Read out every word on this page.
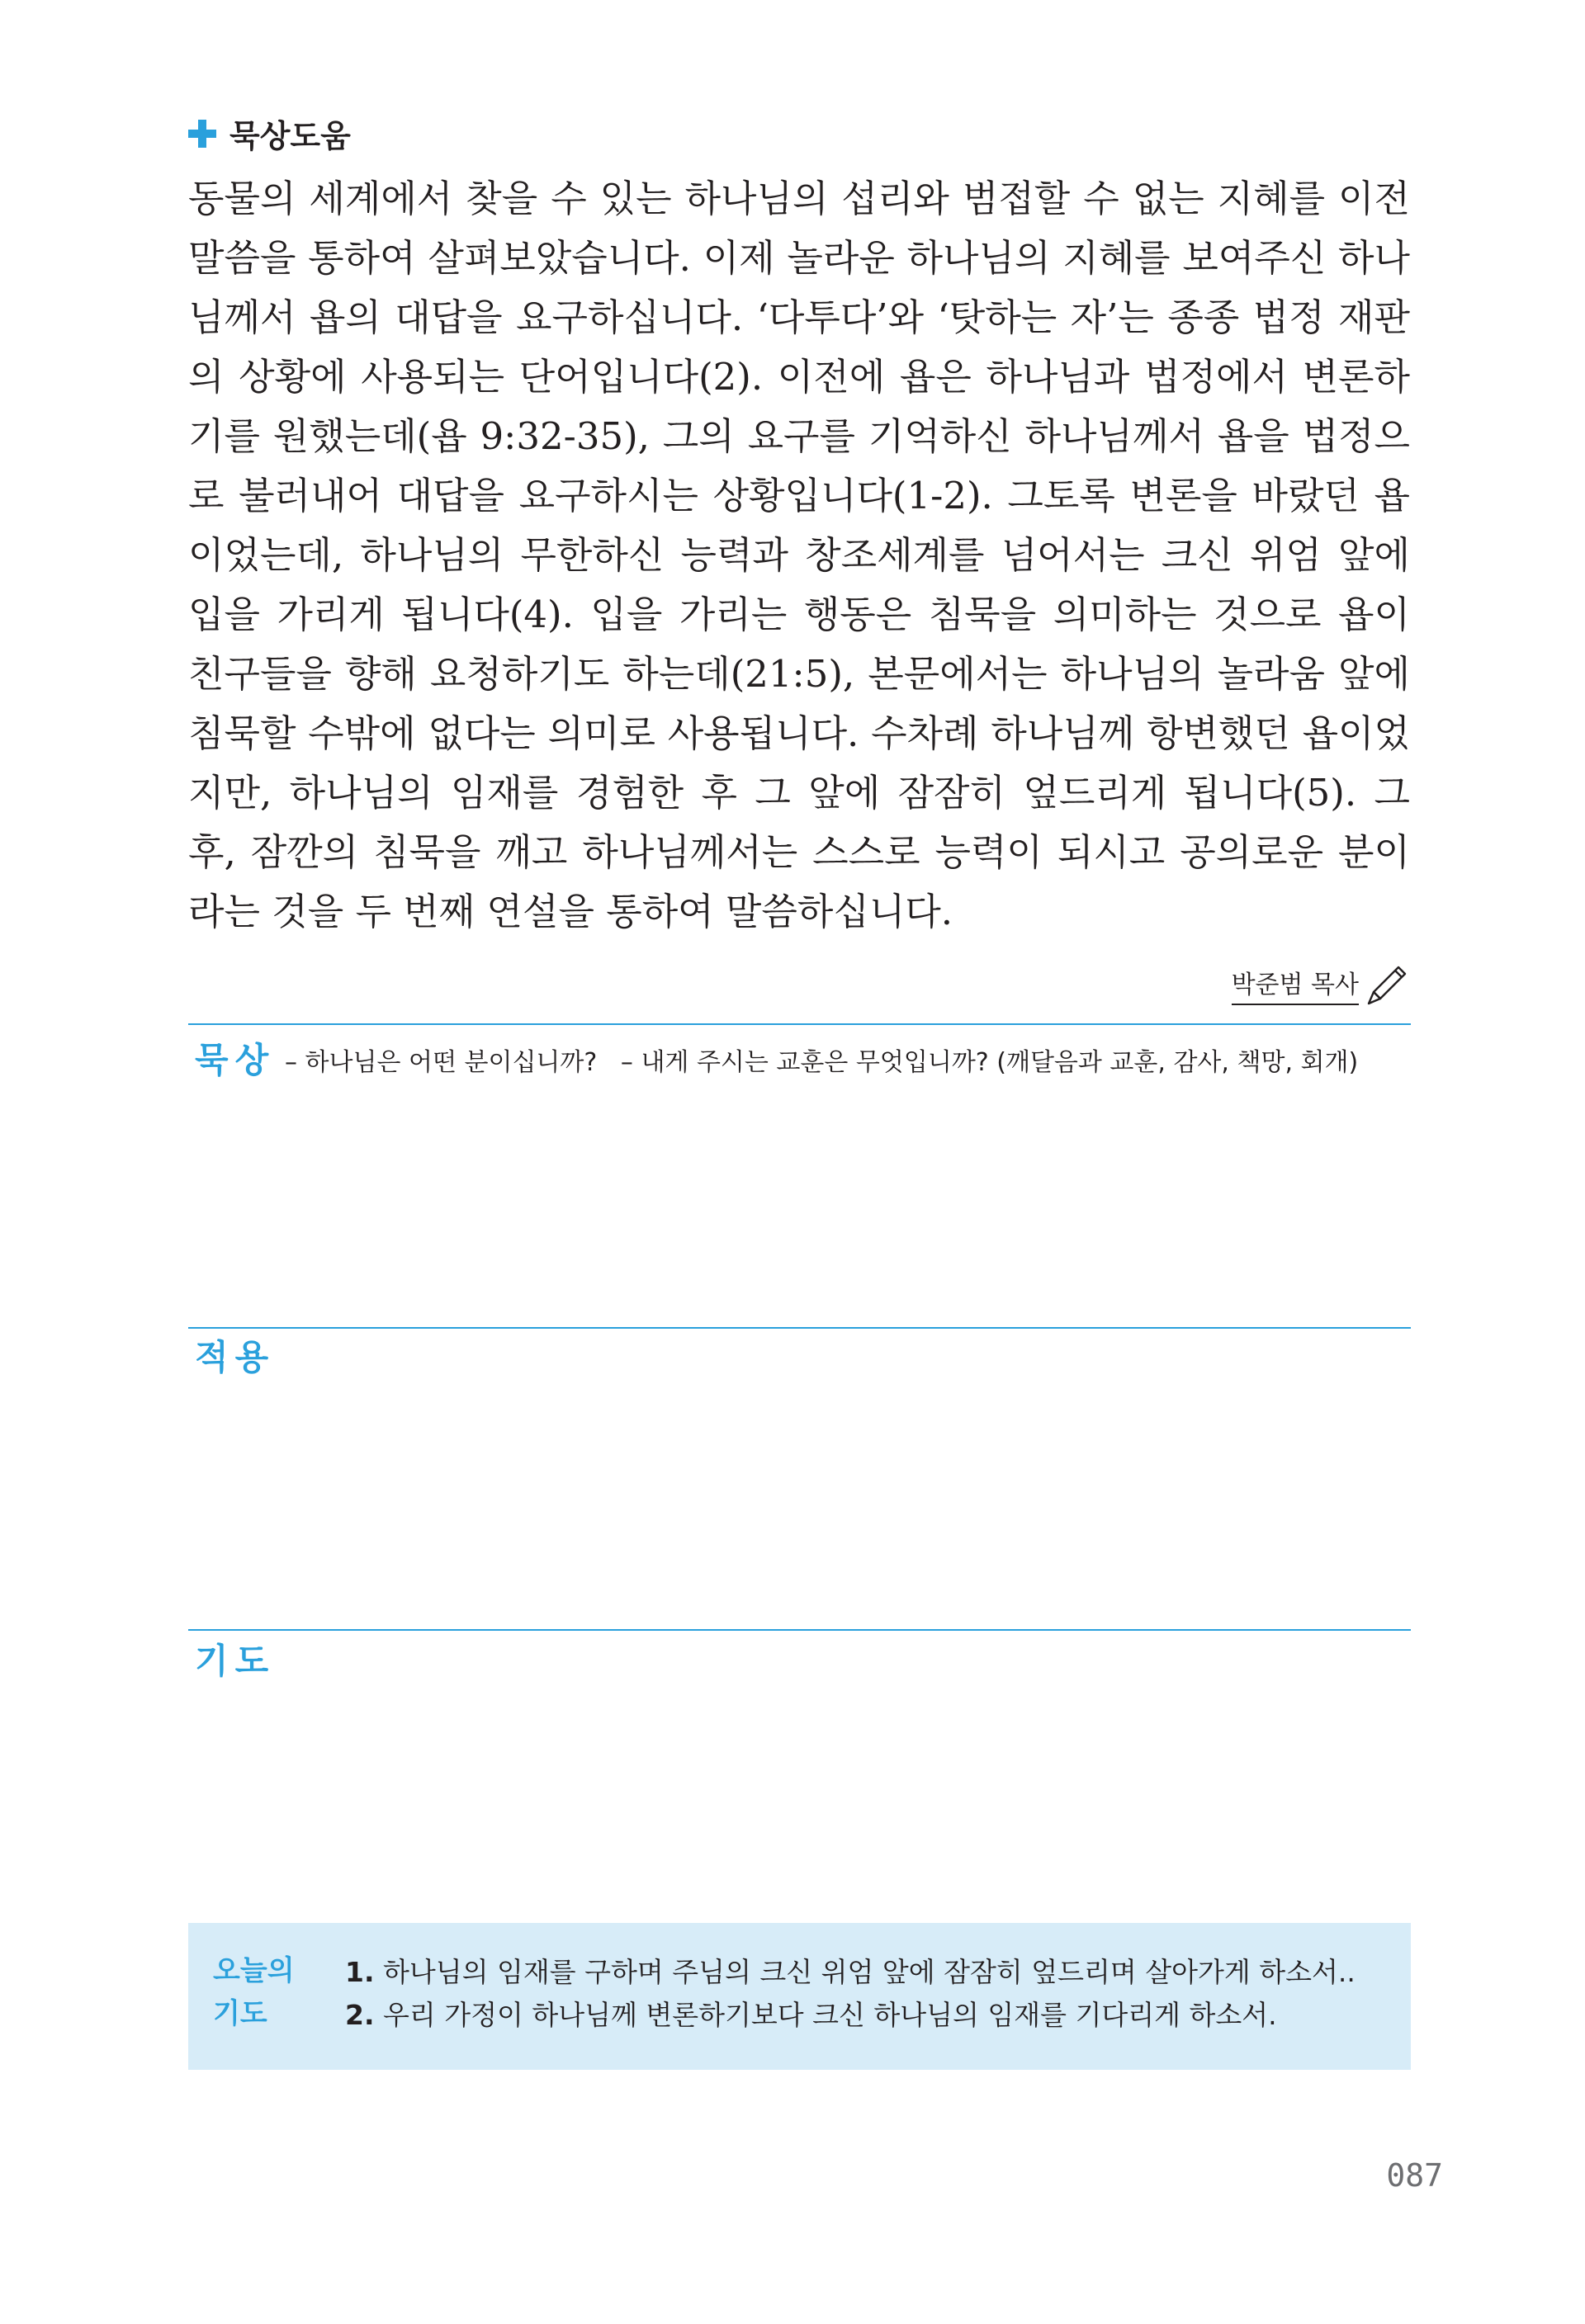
묵상도움

동물의 세계에서 찾을 수 있는 하나님의 섭리와 범접할 수 없는 지혜를 이전 말씀을 통하여 살펴보았습니다. 이제 놀라운 하나님의 지혜를 보여주신 하나님께서 욥의 대답을 요구하십니다. ‘다투다’와 ‘탓하는 자’는 종종 법정 재판의 상황에 사용되는 단어입니다(2). 이전에 욥은 하나님과 법정에서 변론하기를 원했는데(욥 9:32-35), 그의 요구를 기억하신 하나님께서 욥을 법정으로 불러내어 대답을 요구하시는 상황입니다(1-2). 그토록 변론을 바랐던 욥이었는데, 하나님의 무한하신 능력과 창조세계를 넘어서는 크신 위엄 앞에 입을 가리게 됩니다(4). 입을 가리는 행동은 침묵을 의미하는 것으로 욥이 친구들을 향해 요청하기도 하는데(21:5), 본문에서는 하나님의 놀라움 앞에 침묵할 수밖에 없다는 의미로 사용됩니다. 수차례 하나님께 항변했던 욥이었지만, 하나님의 임재를 경험한 후 그 앞에 잠잠히 엎드리게 됩니다(5). 그 후, 잠깐의 침묵을 깨고 하나님께서는 스스로 능력이 되시고 공의로운 분이라는 것을 두 번째 연설을 통하여 말씀하십니다.

박준범 목사
묵상 – 하나님은 어떤 분이십니까?   – 내게 주시는 교훈은 무엇입니까? (깨달음과 교훈, 감사, 책망, 회개)
적용
기도
오늘의 기도
1. 하나님의 임재를 구하며 주님의 크신 위엄 앞에 잠잠히 엎드리며 살아가게 하소서..
2. 우리 가정이 하나님께 변론하기보다 크신 하나님의 임재를 기다리게 하소서.
087
